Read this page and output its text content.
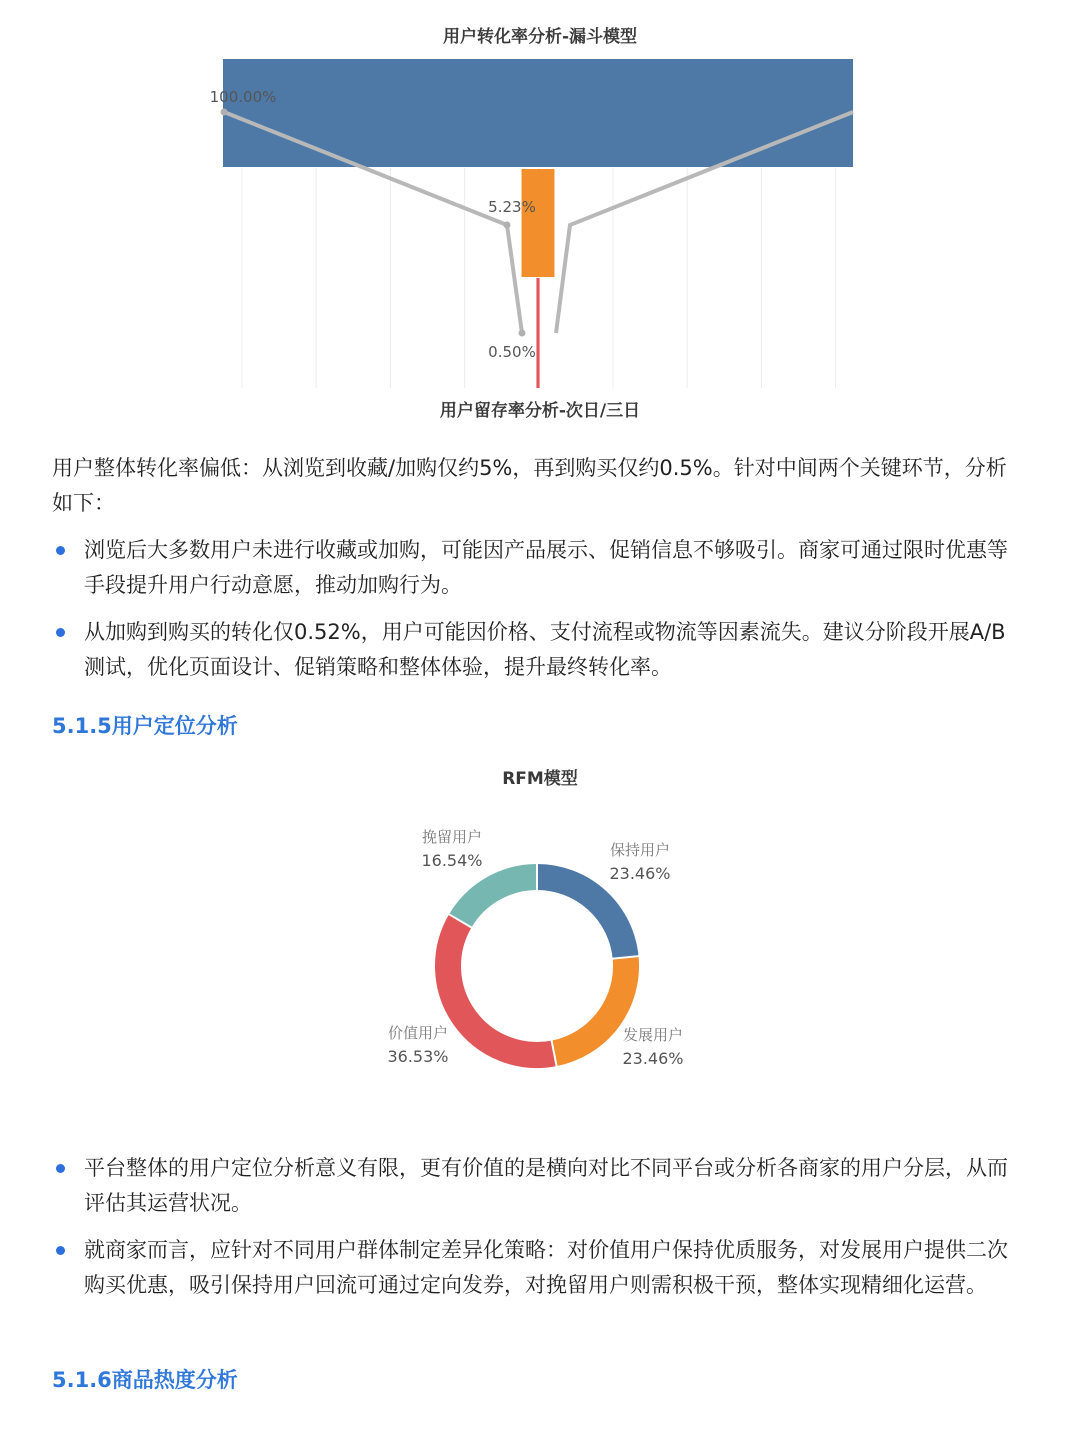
用户转化率分析-漏斗模型
100.00%
5.23%
0.50%
用户留存率分析-次日/三日
用户整体转化率偏低：从浏览到收藏/加购仅约5%，再到购买仅约0.5%。针对中间两个关键环节，分析如下：
浏览后大多数用户未进行收藏或加购，可能因产品展示、促销信息不够吸引。商家可通过限时优惠等手段提升用户行动意愿，推动加购行为。
从加购到购买的转化仅0.52%，用户可能因价格、支付流程或物流等因素流失。建议分阶段开展A/B测试，优化页面设计、促销策略和整体体验，提升最终转化率。
5.1.5用户定位分析
RFM模型
保持用户
23.46%
发展用户
23.46%
价值用户
36.53%
挽留用户
16.54%
平台整体的用户定位分析意义有限，更有价值的是横向对比不同平台或分析各商家的用户分层，从而评估其运营状况。
就商家而言，应针对不同用户群体制定差异化策略：对价值用户保持优质服务，对发展用户提供二次购买优惠，吸引保持用户回流可通过定向发券，对挽留用户则需积极干预，整体实现精细化运营。
5.1.6商品热度分析
